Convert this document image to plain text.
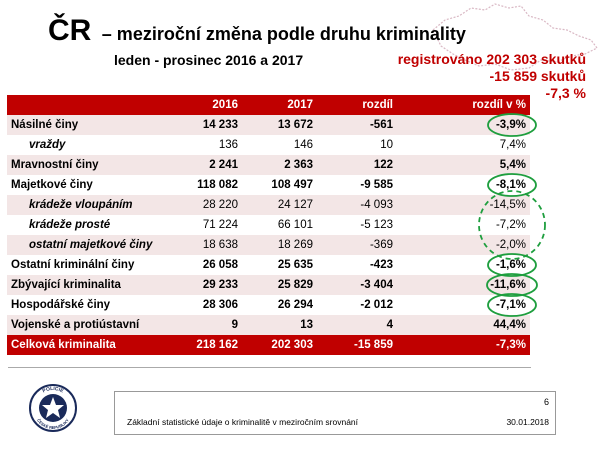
ČR – meziroční změna podle druhu kriminality
leden - prosinec 2016 a 2017	registrováno 202 303 skutků
-15 859 skutků
-7,3 %
	2016	2017	rozdíl	rozdíl v %
Násilné činy	14 233	13 672	-561	-3,9%
vraždy	136	146	10	7,4%
Mravnostní činy	2 241	2 363	122	5,4%
Majetkové činy	118 082	108 497	-9 585	-8,1%
krádeže vloupáním	28 220	24 127	-4 093	-14,5%
krádeže prosté	71 224	66 101	-5 123	-7,2%
ostatní majetkové činy	18 638	18 269	-369	-2,0%
Ostatní kriminální činy	26 058	25 635	-423	-1,6%
Zbývající kriminalita	29 233	25 829	-3 404	-11,6%
Hospodářské činy	28 306	26 294	-2 012	-7,1%
Vojenské a protiústavní	9	13	4	44,4%
Celková kriminalita	218 162	202 303	-15 859	-7,3%
POLICIE
ČESKÉ REPUBLIKY
6
Základní statistické údaje o kriminalitě v meziročním srovnání	30.01.2018
